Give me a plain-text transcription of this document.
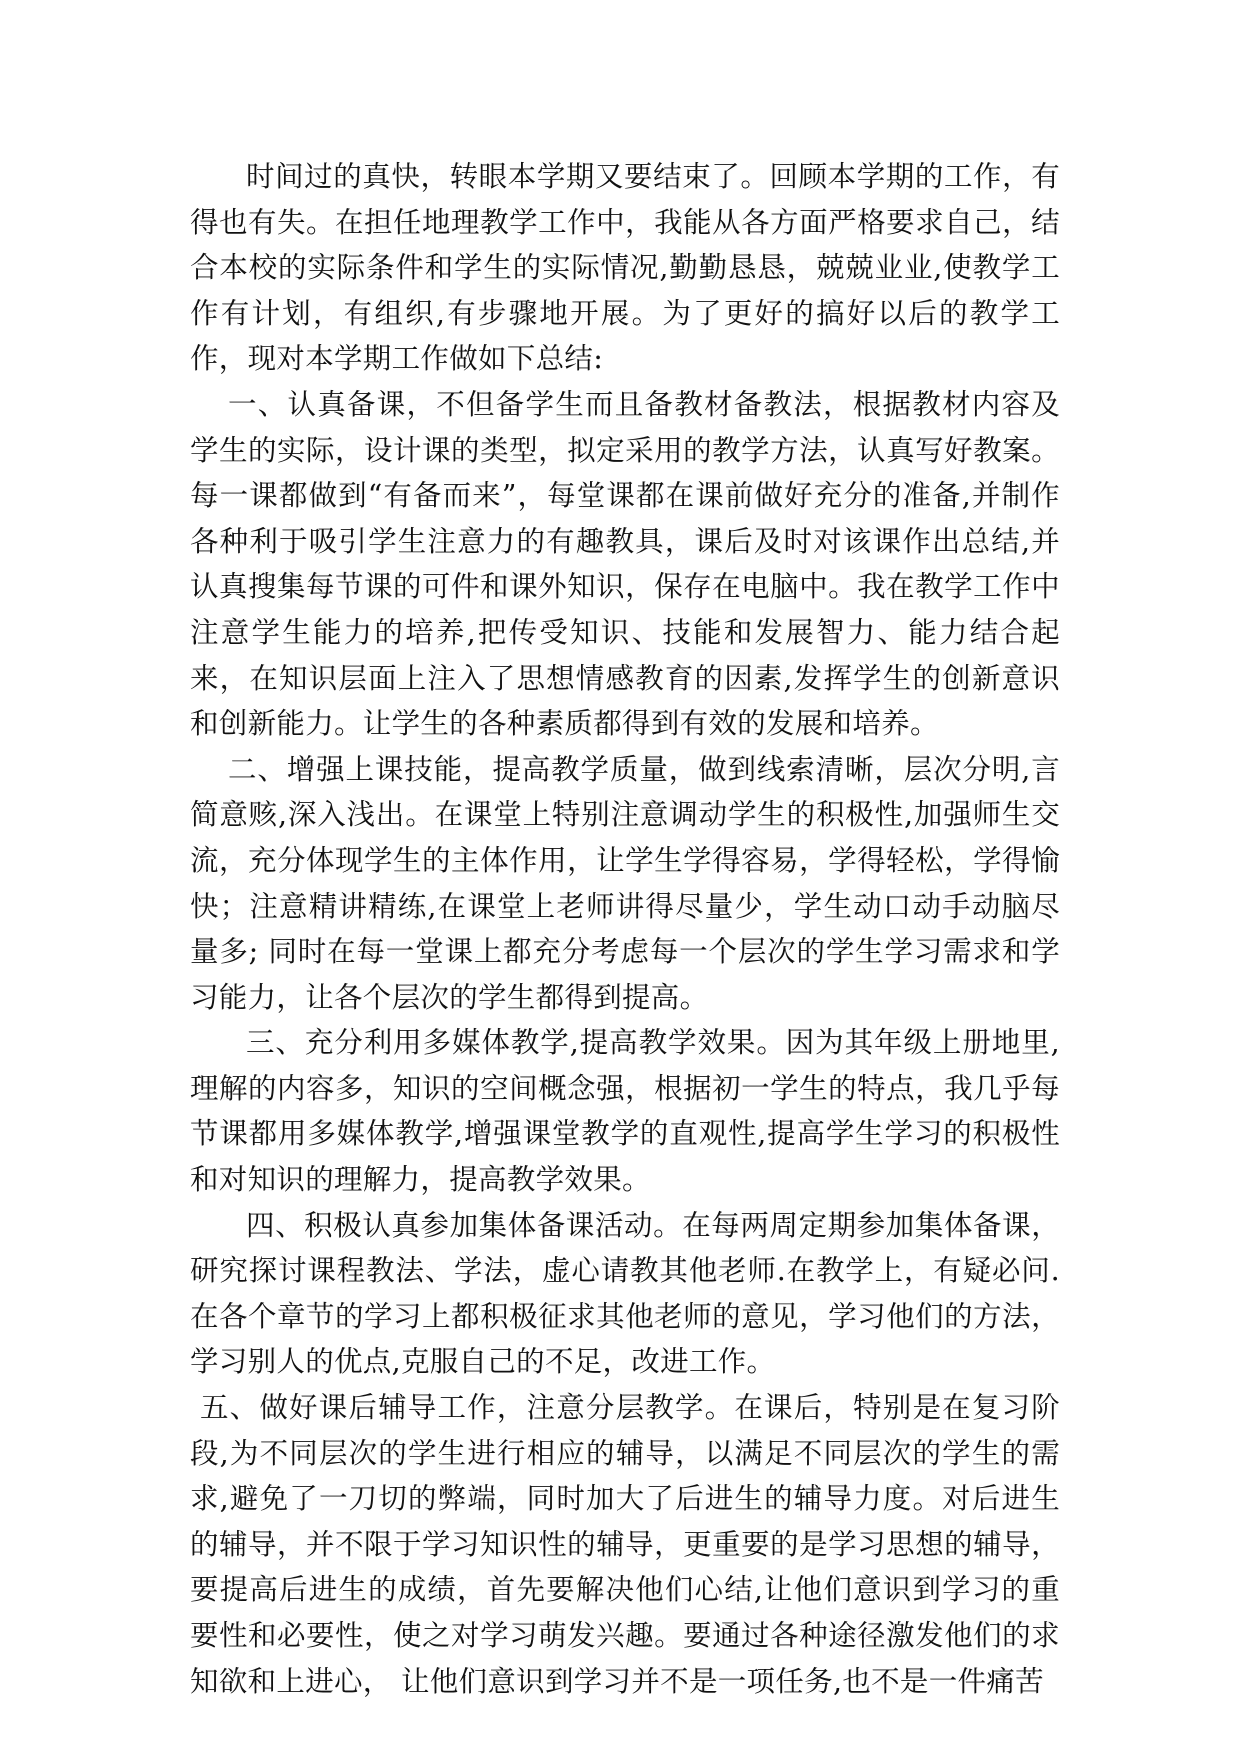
时间过的真快，转眼本学期又要结束了。回顾本学期的工作，有得也有失。在担任地理教学工作中，我能从各方面严格要求自己，结合本校的实际条件和学生的实际情况,勤勤恳恳，兢兢业业,使教学工作有计划，有组织,有步骤地开展。为了更好的搞好以后的教学工作，现对本学期工作做如下总结:

一、认真备课，不但备学生而且备教材备教法，根据教材内容及学生的实际，设计课的类型，拟定采用的教学方法，认真写好教案。每一课都做到“有备而来”，每堂课都在课前做好充分的准备,并制作各种利于吸引学生注意力的有趣教具，课后及时对该课作出总结,并认真搜集每节课的可件和课外知识，保存在电脑中。我在教学工作中注意学生能力的培养,把传受知识、技能和发展智力、能力结合起来，在知识层面上注入了思想情感教育的因素,发挥学生的创新意识和创新能力。让学生的各种素质都得到有效的发展和培养。

二、增强上课技能，提高教学质量，做到线索清晰，层次分明,言简意赅,深入浅出。在课堂上特别注意调动学生的积极性,加强师生交流，充分体现学生的主体作用，让学生学得容易，学得轻松，学得愉快；注意精讲精练,在课堂上老师讲得尽量少，学生动口动手动脑尽量多; 同时在每一堂课上都充分考虑每一个层次的学生学习需求和学习能力，让各个层次的学生都得到提高。

三、充分利用多媒体教学,提高教学效果。因为其年级上册地里,理解的内容多，知识的空间概念强，根据初一学生的特点，我几乎每节课都用多媒体教学,增强课堂教学的直观性,提高学生学习的积极性和对知识的理解力，提高教学效果。

四、积极认真参加集体备课活动。在每两周定期参加集体备课，研究探讨课程教法、学法，虚心请教其他老师.在教学上，有疑必问.在各个章节的学习上都积极征求其他老师的意见，学习他们的方法，学习别人的优点,克服自己的不足，改进工作。

五、做好课后辅导工作，注意分层教学。在课后，特别是在复习阶段,为不同层次的学生进行相应的辅导，以满足不同层次的学生的需求,避免了一刀切的弊端，同时加大了后进生的辅导力度。对后进生的辅导，并不限于学习知识性的辅导，更重要的是学习思想的辅导，要提高后进生的成绩，首先要解决他们心结,让他们意识到学习的重要性和必要性，使之对学习萌发兴趣。要通过各种途径激发他们的求知欲和上进心， 让他们意识到学习并不是一项任务,也不是一件痛苦
